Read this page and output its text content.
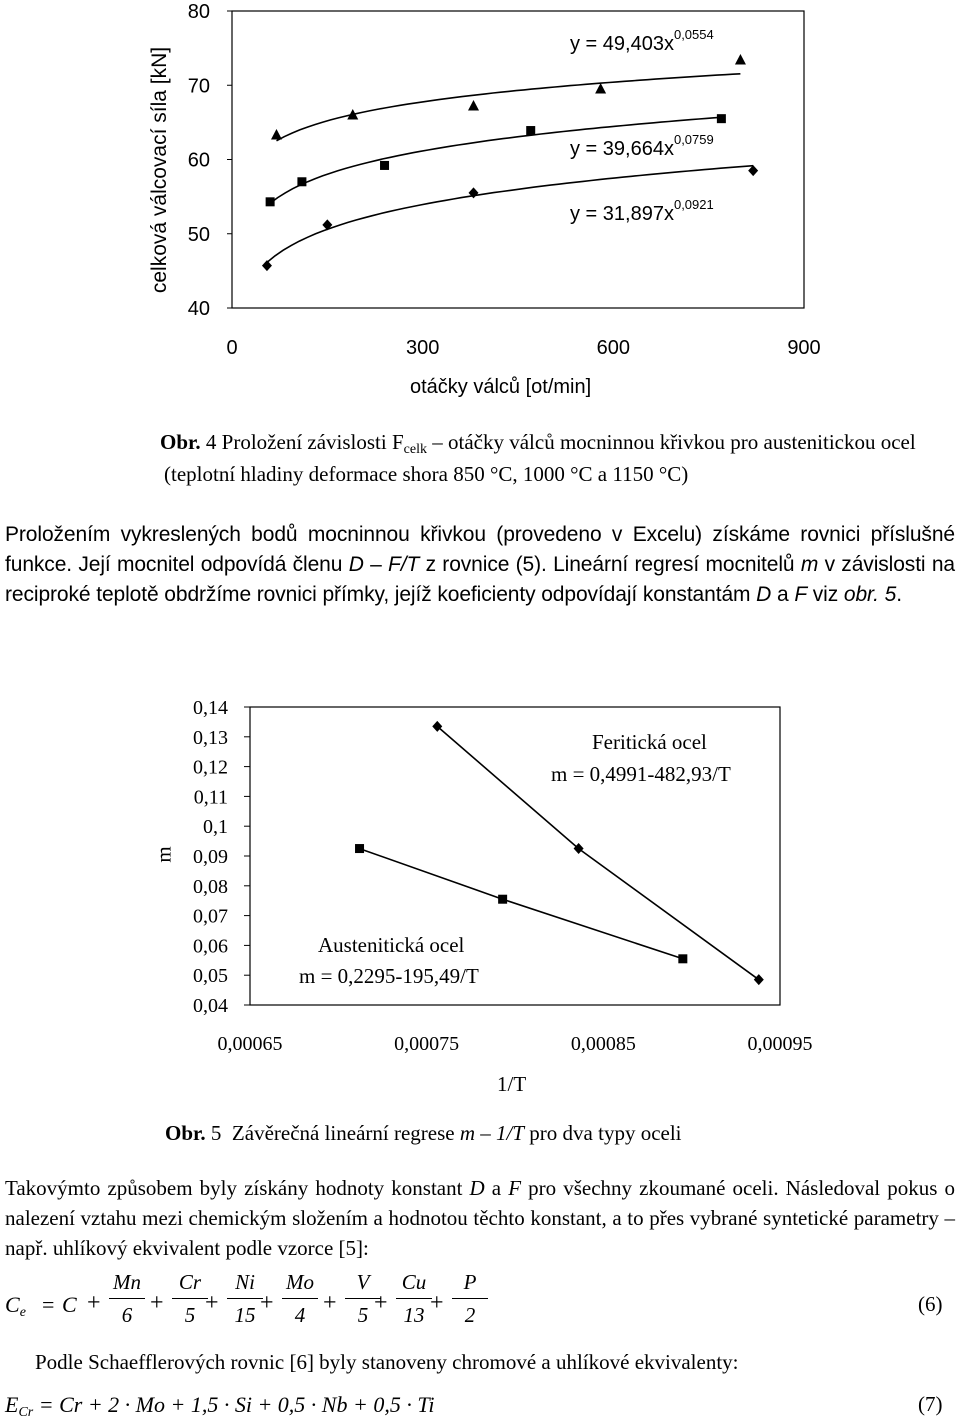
80
70
60
50
40
0	300	600	900
$y = 49,403x^{0,0554}$
$y = 39,664x^{0,0759}$
$y = 31,897x^{0,0921}$
celková válcovací síla [kN]
otáčky válců [ot/min]
Obr. 4 Proložení závislosti $F_{celk}$ – otáčky válců mocninnou křivkou pro austenitickou ocel
(teplotní hladiny deformace shora 850 °C, 1000 °C a 1150 °C)
Proložením vykreslených bodů mocninnou křivkou (provedeno v Excelu) získáme rovnici příslušné funkce. Její mocnitel odpovídá členu D – F/T z rovnice (5). Lineární regresí mocnitelů m v závislosti na reciproké teplotě obdržíme rovnici přímky, jejíž koeficienty odpovídají konstantám D a F viz obr. 5.
0,14
0,13
0,12
0,11
0,1
0,09
0,08
0,07
0,06
0,05
0,04
0,00065	0,00075	0,00085	0,00095
m
1/T
Feritická ocel
m = 0,4991-482,93/T
Austenitická ocel
m = 0,2295-195,49/T
Obr. 5  Závěrečná lineární regrese m – 1/T pro dva typy oceli
Takovýmto způsobem byly získány hodnoty konstant D a F pro všechny zkoumané oceli. Následoval pokus o nalezení vztahu mezi chemickým složením a hodnotou těchto konstant, a to přes vybrané syntetické parametry – např. uhlíkový ekvivalent podle vzorce [5]:
$C_e = C$ +
Mn
6 +
Cr
5 +
Ni
15 +
Mo
4 +
V
5 +
Cu
13 +
P
2	(6)
Podle Schaefflerových rovnic [6] byly stanoveny chromové a uhlíkové ekvivalenty:
$E_{Cr} = Cr + 2 \cdot Mo + 1,5 \cdot Si + 0,5 \cdot Nb + 0,5 \cdot Ti$	(7)
